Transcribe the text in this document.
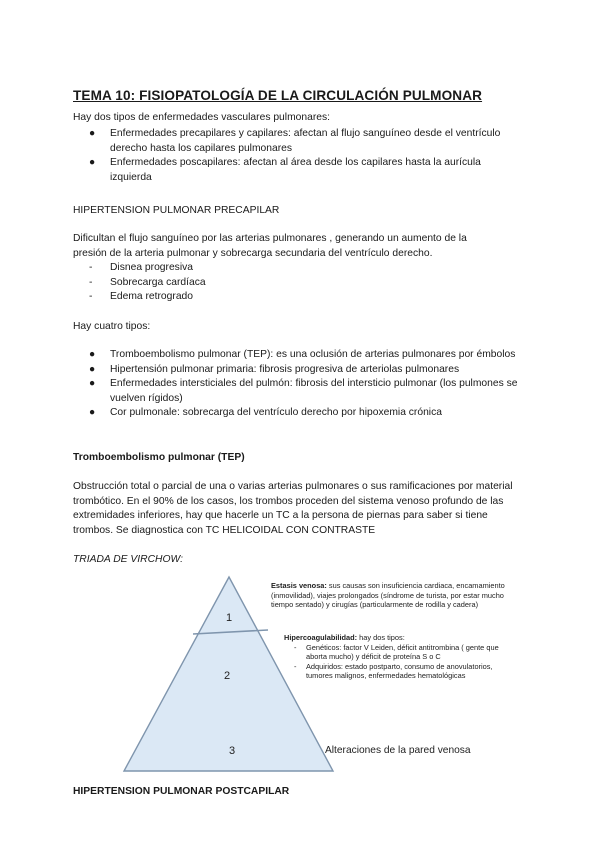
TEMA 10: FISIOPATOLOGÍA DE LA CIRCULACIÓN PULMONAR
Hay dos tipos de enfermedades vasculares pulmonares:
● Enfermedades precapilares y capilares: afectan al flujo sanguíneo desde el ventrículo derecho hasta los capilares pulmonares
● Enfermedades poscapilares: afectan al área desde los capilares hasta la aurícula izquierda
HIPERTENSION PULMONAR PRECAPILAR
Dificultan el flujo sanguíneo por las arterias pulmonares , generando un aumento de la presión de la arteria pulmonar y sobrecarga secundaria del ventrículo derecho.
- Disnea progresiva
- Sobrecarga cardíaca
- Edema retrogrado
Hay cuatro tipos:
● Tromboembolismo pulmonar (TEP): es una oclusión de arterias pulmonares por émbolos
● Hipertensión pulmonar primaria: fibrosis progresiva de arteriolas pulmonares
● Enfermedades intersticiales del pulmón: fibrosis del intersticio pulmonar (los pulmones se vuelven rígidos)
● Cor pulmonale: sobrecarga del ventrículo derecho por hipoxemia crónica
Tromboembolismo pulmonar (TEP)
Obstrucción total o parcial de una o varias arterias pulmonares o sus ramificaciones por material trombótico. En el 90% de los casos, los trombos proceden del sistema venoso profundo de las extremidades inferiores, hay que hacerle un TC a la persona de piernas para saber si tiene trombos. Se diagnostica con TC HELICOIDAL CON CONTRASTE
TRIADA DE VIRCHOW:
1
2
3
Estasis venosa: sus causas son insuficiencia cardiaca, encamamiento (inmovilidad), viajes prolongados (síndrome de turista, por estar mucho tiempo sentado) y cirugías (particularmente de rodilla y cadera)
Hipercoagulabilidad: hay dos tipos:
- Genéticos: factor V Leiden, déficit antitrombina ( gente que aborta mucho) y déficit de proteína S o C
- Adquiridos: estado postparto, consumo de anovulatorios, tumores malignos, enfermedades hematológicas
Alteraciones de la pared venosa
HIPERTENSION PULMONAR POSTCAPILAR
